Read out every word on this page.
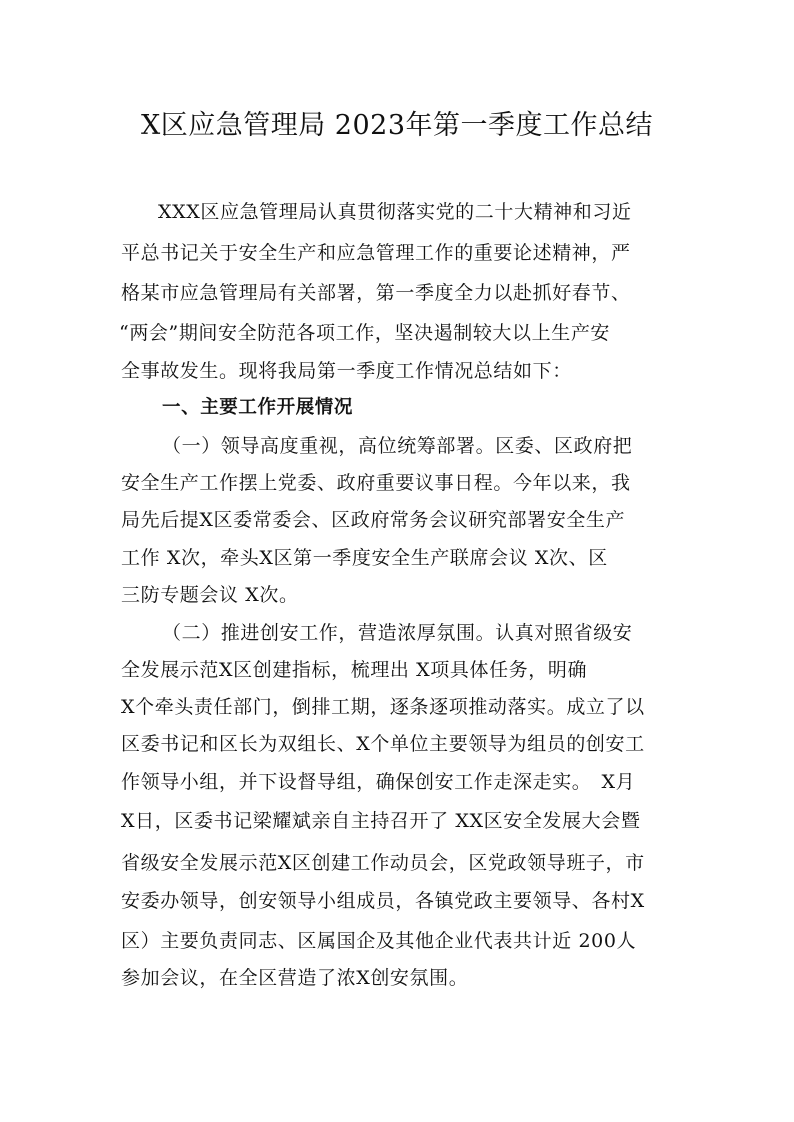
X区应急管理局 2023年第一季度工作总结
XXX区应急管理局认真贯彻落实党的二十大精神和习近
平总书记关于安全生产和应急管理工作的重要论述精神，严
格某市应急管理局有关部署，第一季度全力以赴抓好春节、
“两会”期间安全防范各项工作，坚决遏制较大以上生产安
全事故发生。现将我局第一季度工作情况总结如下：
一、主要工作开展情况
（一）领导高度重视，高位统筹部署。区委、区政府把
安全生产工作摆上党委、政府重要议事日程。今年以来，我
局先后提X区委常委会、区政府常务会议研究部署安全生产
工作 X次，牵头X区第一季度安全生产联席会议 X次、区
三防专题会议 X次。
（二）推进创安工作，营造浓厚氛围。认真对照省级安
全发展示范X区创建指标，梳理出 X项具体任务，明确
X个牵头责任部门，倒排工期，逐条逐项推动落实。成立了以
区委书记和区长为双组长、X个单位主要领导为组员的创安工
作领导小组，并下设督导组，确保创安工作走深走实。　X月
X日，区委书记梁耀斌亲自主持召开了 XX区安全发展大会暨
省级安全发展示范X区创建工作动员会，区党政领导班子，市
安委办领导，创安领导小组成员，各镇党政主要领导、各村X
区）主要负责同志、区属国企及其他企业代表共计近 200人
参加会议，在全区营造了浓X创安氛围。
